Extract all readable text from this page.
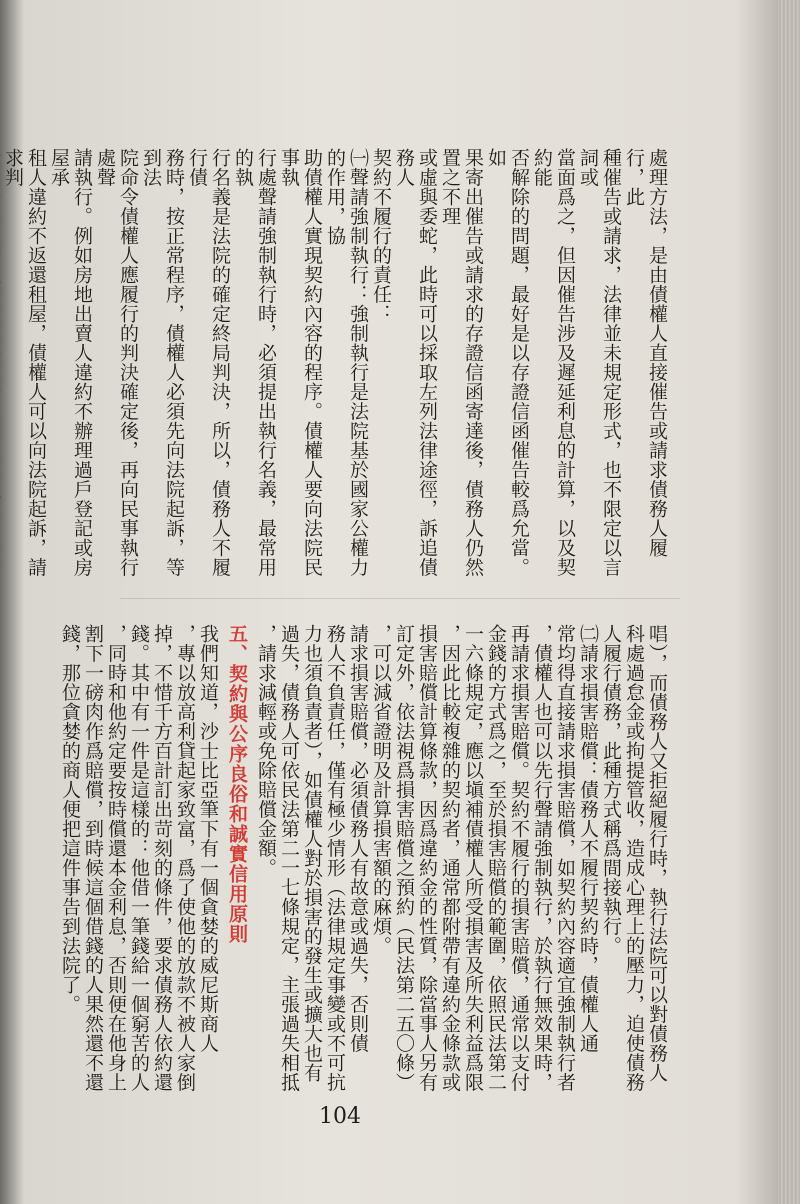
處理方法，是由債權人直接催告或請求債務人履行，此

種催告或請求，法律並未規定形式，也不限定以言詞或

當面爲之，但因催告涉及遲延利息的計算，以及契約能

否解除的問題，最好是以存證信函催告較爲允當。如

果寄出催告或請求的存證信函寄達後，債務人仍然置之不理

或虛與委蛇，此時可以採取左列法律途徑，訴追債務人

契約不履行的責任：

㈠聲請強制執行：強制執行是法院基於國家公權力的作用，協

助債權人實現契約內容的程序。債權人要向法院民事執

行處聲請強制執行時，必須提出執行名義，最常用的執

行名義是法院的確定終局判決，所以，債務人不履行債

務時，按正常程序，債權人必須先向法院起訴，等到法

院命令債權人應履行的判決確定後，再向民事執行處聲

請執行。例如房地出賣人違約不辦理過戶登記或房屋承

租人違約不返還租屋，債權人可以向法院起訴，請求判

唱），而債務人又拒絕履行時，執行法院可以對債務人

科處過怠金或拘提管收，造成心理上的壓力，迫使債務

人履行債務，此種方式稱爲間接執行。

㈡請求損害賠償：債務人不履行契約時，債權人通

常均得直接請求損害賠償，如契約內容適宜強制執行者

，債權人也可以先行聲請強制執行，於執行無效果時，

再請求損害賠償。契約不履行的損害賠償，通常以支付

金錢的方式爲之，至於損害賠償的範圍，依照民法第二

一六條規定，應以塡補債權人所受損害及所失利益爲限

，因此比較複雜的契約者，通常都附帶有違約金條款或

損害賠償計算條款，因爲違約金的性質，除當事人另有

訂定外，依法視爲損害賠償之預約（民法第二五〇條）

，可以減省證明及計算損害額的麻煩。

請求損害賠償，必須債務人有故意或過失，否則債

務人不負責任，僅有極少情形（法律規定事變或不可抗

力也須負責者），如債權人對於損害的發生或擴大也有

過失，債務人可依民法第二一七條規定，主張過失相抵

，請求減輕或免除賠償金額。

五、契約與公序良俗和誠實信用原則

我們知道，沙士比亞筆下有一個貪婪的威尼斯商人

，專以放高利貸起家致富，爲了使他的放款不被人家倒

掉，不惜千方百計訂出苛刻的條件，要求債務人依約還

錢。其中有一件是這樣的：他借一筆錢給一個窮苦的人

，同時和他約定要按時償還本金利息，否則便在他身上

割下一磅肉作爲賠償，到時候這個借錢的人果然還不還

錢，那位貪婪的商人便把這件事告到法院了。

104
